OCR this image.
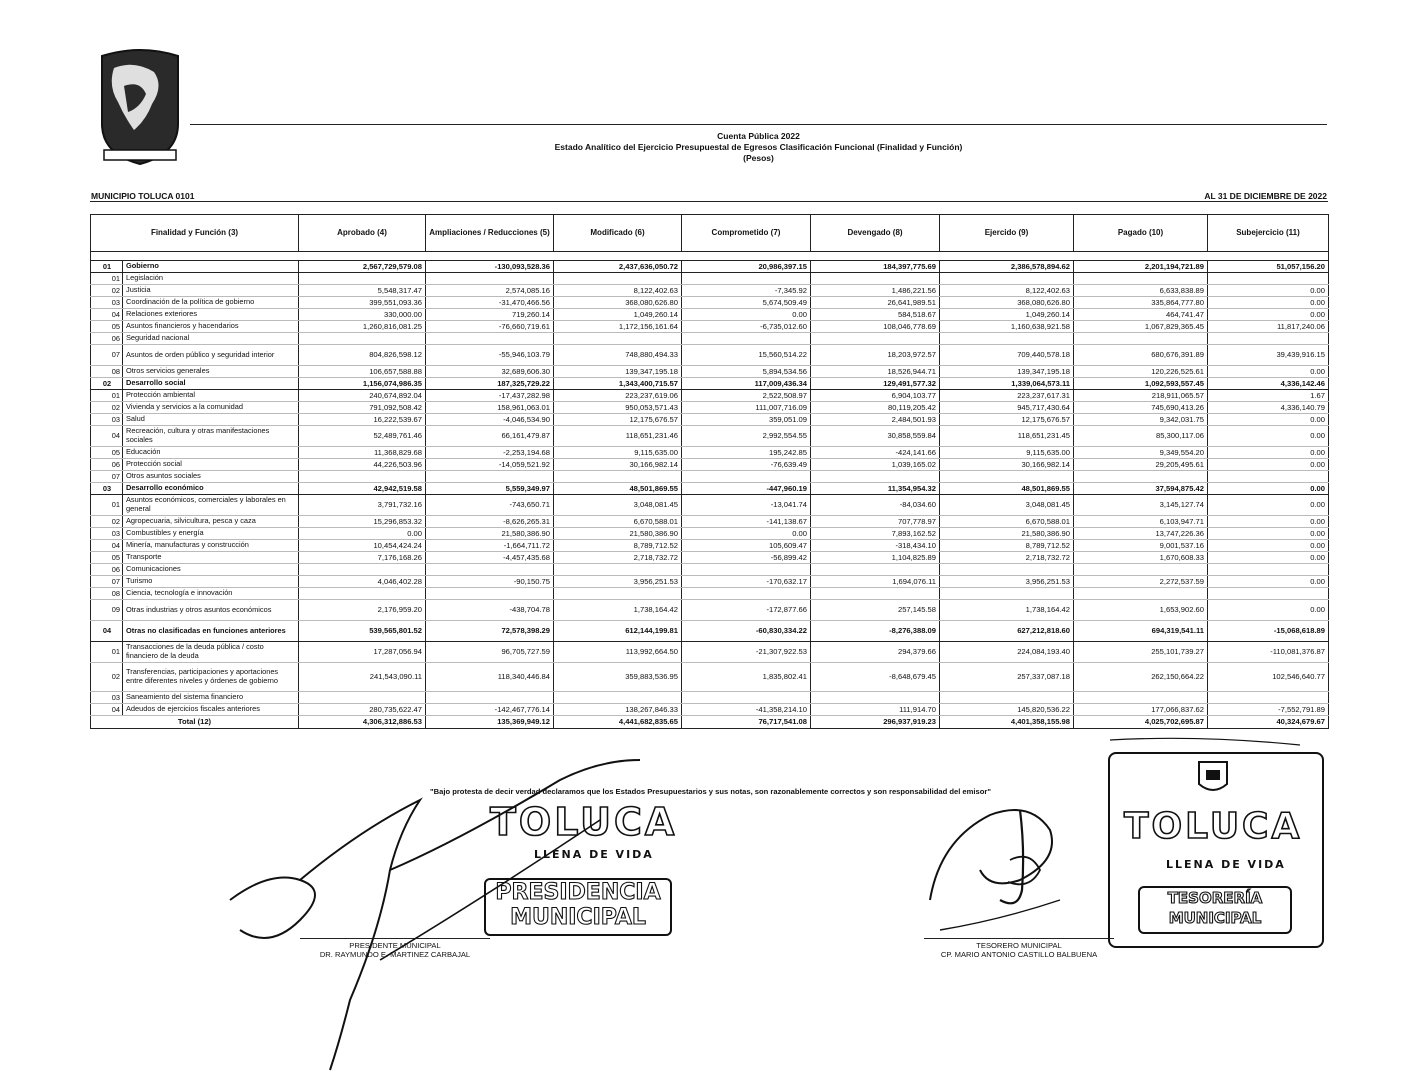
Cuenta Pública 2022
Estado Analítico del Ejercicio Presupuestal de Egresos Clasificación Funcional (Finalidad y Función)
(Pesos)
MUNICIPIO TOLUCA 0101	AL 31 DE DICIEMBRE DE 2022
Finalidad y Función (3)		Aprobado (4)	Ampliaciones / Reducciones (5)	Modificado (6)	Comprometido (7)	Devengado (8)	Ejercido (9)	Pagado (10)	Subejercicio (11)

01	Gobierno	2,567,729,579.08	-130,093,528.36	2,437,636,050.72	20,986,397.15	184,397,775.69	2,386,578,894.62	2,201,194,721.89	51,057,156.20
01	Legislación								
02	Justicia	5,548,317.47	2,574,085.16	8,122,402.63	-7,345.92	1,486,221.56	8,122,402.63	6,633,838.89	0.00
03	Coordinación de la política de gobierno	399,551,093.36	-31,470,466.56	368,080,626.80	5,674,509.49	26,641,989.51	368,080,626.80	335,864,777.80	0.00
04	Relaciones exteriores	330,000.00	719,260.14	1,049,260.14	0.00	584,518.67	1,049,260.14	464,741.47	0.00
05	Asuntos financieros y hacendarios	1,260,816,081.25	-76,660,719.61	1,172,156,161.64	-6,735,012.60	108,046,778.69	1,160,638,921.58	1,067,829,365.45	11,817,240.06
06	Seguridad nacional								
07	Asuntos de orden público y seguridad interior	804,826,598.12	-55,946,103.79	748,880,494.33	15,560,514.22	18,203,972.57	709,440,578.18	680,676,391.89	39,439,916.15
08	Otros servicios generales	106,657,588.88	32,689,606.30	139,347,195.18	5,894,534.56	18,526,944.71	139,347,195.18	120,226,525.61	0.00
02	Desarrollo social	1,156,074,986.35	187,325,729.22	1,343,400,715.57	117,009,436.34	129,491,577.32	1,339,064,573.11	1,092,593,557.45	4,336,142.46
01	Protección ambiental	240,674,892.04	-17,437,282.98	223,237,619.06	2,522,508.97	6,904,103.77	223,237,617.31	218,911,065.57	1.67
02	Vivienda y servicios a la comunidad	791,092,508.42	158,961,063.01	950,053,571.43	111,007,716.09	80,119,205.42	945,717,430.64	745,690,413.26	4,336,140.79
03	Salud	16,222,539.67	-4,046,534.90	12,175,676.57	359,051.09	2,484,501.93	12,175,676.57	9,342,031.75	0.00
04	Recreación, cultura y otras manifestaciones sociales	52,489,761.46	66,161,479.87	118,651,231.46	2,992,554.55	30,858,559.84	118,651,231.45	85,300,117.06	0.00
05	Educación	11,368,829.68	-2,253,194.68	9,115,635.00	195,242.85	-424,141.66	9,115,635.00	9,349,554.20	0.00
06	Protección social	44,226,503.96	-14,059,521.92	30,166,982.14	-76,639.49	1,039,165.02	30,166,982.14	29,205,495.61	0.00
07	Otros asuntos sociales								
03	Desarrollo económico	42,942,519.58	5,559,349.97	48,501,869.55	-447,960.19	11,354,954.32	48,501,869.55	37,594,875.42	0.00
01	Asuntos económicos, comerciales y laborales en general	3,791,732.16	-743,650.71	3,048,081.45	-13,041.74	-84,034.60	3,048,081.45	3,145,127.74	0.00
02	Agropecuaria, silvicultura, pesca y caza	15,296,853.32	-8,626,265.31	6,670,588.01	-141,138.67	707,778.97	6,670,588.01	6,103,947.71	0.00
03	Combustibles y energía	0.00	21,580,386.90	21,580,386.90	0.00	7,893,162.52	21,580,386.90	13,747,226.36	0.00
04	Minería, manufacturas y construcción	10,454,424.24	-1,664,711.72	8,789,712.52	105,609.47	-318,434.10	8,789,712.52	9,001,537.16	0.00
05	Transporte	7,176,168.26	-4,457,435.68	2,718,732.72	-56,899.42	1,104,825.89	2,718,732.72	1,670,608.33	0.00
06	Comunicaciones								
07	Turismo	4,046,402.28	-90,150.75	3,956,251.53	-170,632.17	1,694,076.11	3,956,251.53	2,272,537.59	0.00
08	Ciencia, tecnología e innovación								
09	Otras industrias y otros asuntos económicos	2,176,959.20	-438,704.78	1,738,164.42	-172,877.66	257,145.58	1,738,164.42	1,653,902.60	0.00
04	Otras no clasificadas en funciones anteriores	539,565,801.52	72,578,398.29	612,144,199.81	-60,830,334.22	-8,276,388.09	627,212,818.60	694,319,541.11	-15,068,618.89
01	Transacciones de la deuda pública / costo financiero de la deuda	17,287,056.94	96,705,727.59	113,992,664.50	-21,307,922.53	294,379.66	224,084,193.40	255,101,739.27	-110,081,376.87
02	Transferencias, participaciones y aportaciones entre diferentes niveles y órdenes de gobierno	241,543,090.11	118,340,446.84	359,883,536.95	1,835,802.41	-8,648,679.45	257,337,087.18	262,150,664.22	102,546,640.77
03	Saneamiento del sistema financiero								
04	Adeudos de ejercicios fiscales anteriores	280,735,622.47	-142,467,776.14	138,267,846.33	-41,358,214.10	111,914.70	145,820,536.22	177,066,837.62	-7,552,791.89
Total (12)		4,306,312,886.53	135,369,949.12	4,441,682,835.65	76,717,541.08	296,937,919.23	4,401,358,155.98	4,025,702,695.87	40,324,679.67
"Bajo protesta de decir verdad declaramos que los Estados Presupuestarios y sus notas, son razonablemente correctos y son responsabilidad del emisor"
TOLUCA
LLENA DE VIDA
PRESIDENCIA
MUNICIPAL
TOLUCA
LLENA DE VIDA
TESORERÍA
MUNICIPAL
PRESIDENTE MUNICIPAL
DR. RAYMUNDO E. MARTINEZ CARBAJAL
TESORERO MUNICIPAL
CP. MARIO ANTONIO CASTILLO BALBUENA
